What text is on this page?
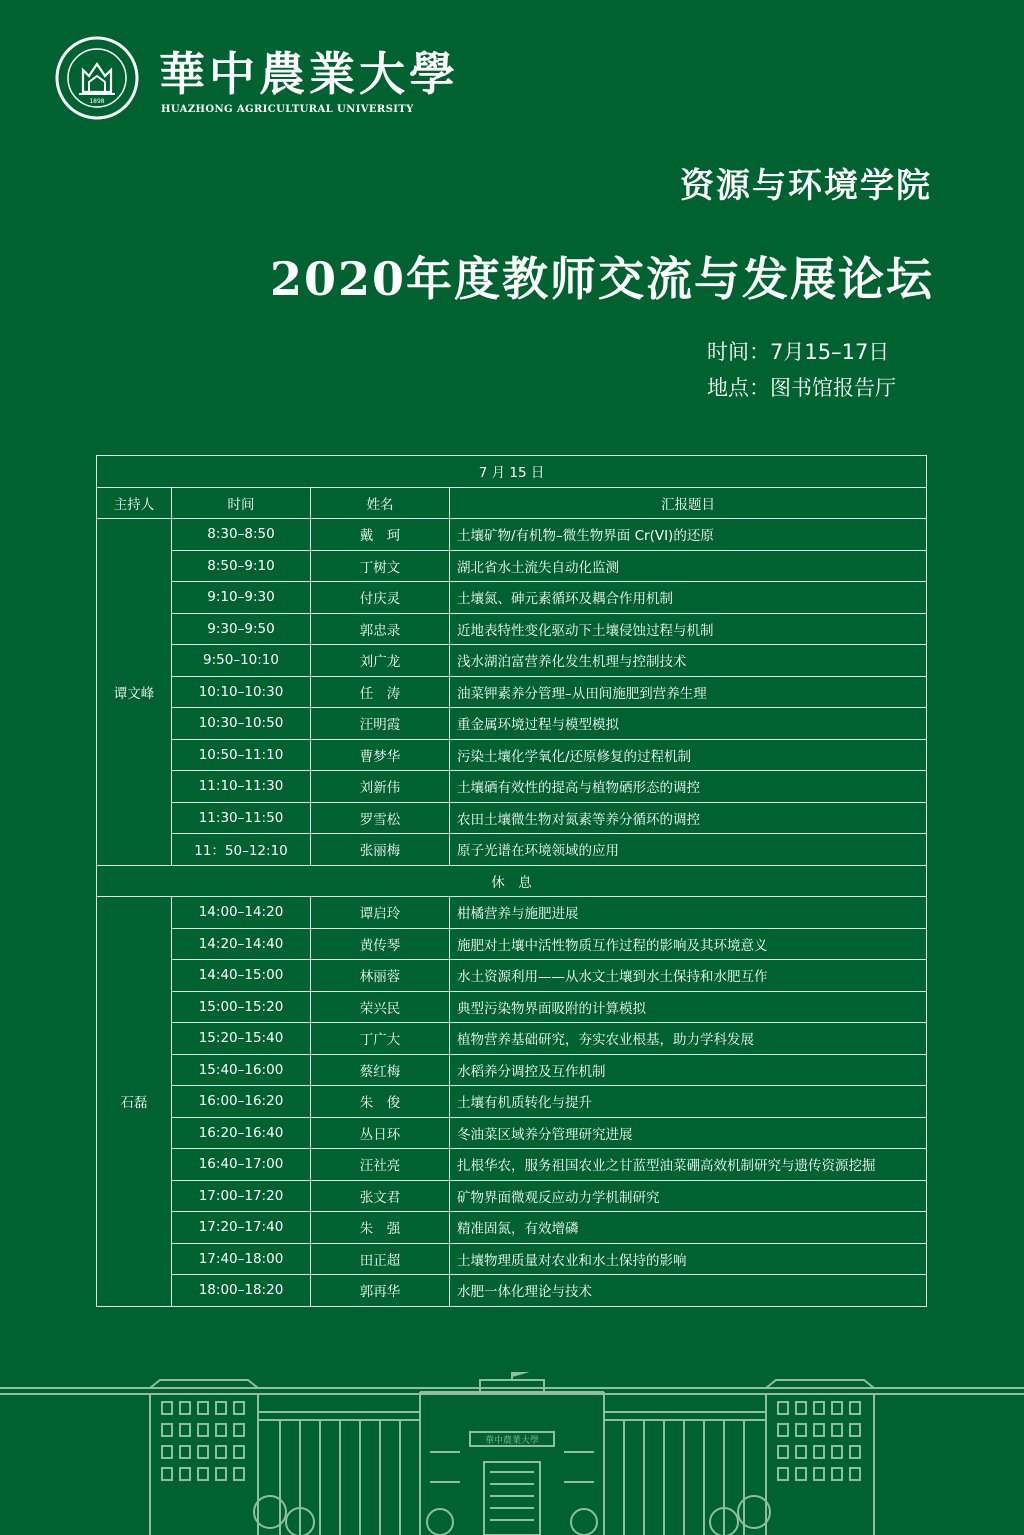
1898
華中農業大學
HUAZHONG AGRICULTURAL UNIVERSITY
资源与环境学院
2020年度教师交流与发展论坛
时间：7月15–17日
地点：图书馆报告厅
7 月 15 日			
主持人	时间	姓名	汇报题目
谭文峰	8:30–8:50	戴　珂	土壤矿物/有机物–微生物界面 Cr(VI)的还原
	8:50–9:10	丁树文	湖北省水土流失自动化监测
	9:10–9:30	付庆灵	土壤氮、砷元素循环及耦合作用机制
	9:30–9:50	郭忠录	近地表特性变化驱动下土壤侵蚀过程与机制
	9:50–10:10	刘广龙	浅水湖泊富营养化发生机理与控制技术
	10:10–10:30	任　涛	油菜钾素养分管理–从田间施肥到营养生理
	10:30–10:50	汪明霞	重金属环境过程与模型模拟
	10:50–11:10	曹梦华	污染土壤化学氧化/还原修复的过程机制
	11:10–11:30	刘新伟	土壤硒有效性的提高与植物硒形态的调控
	11:30–11:50	罗雪松	农田土壤微生物对氮素等养分循环的调控
	11：50–12:10	张丽梅	原子光谱在环境领域的应用
休　息			
石磊	14:00–14:20	谭启玲	柑橘营养与施肥进展
	14:20–14:40	黄传琴	施肥对土壤中活性物质互作过程的影响及其环境意义
	14:40–15:00	林丽蓉	水土资源利用——从水文土壤到水土保持和水肥互作
	15:00–15:20	荣兴民	典型污染物界面吸附的计算模拟
	15:20–15:40	丁广大	植物营养基础研究，夯实农业根基，助力学科发展
	15:40–16:00	蔡红梅	水稻养分调控及互作机制
	16:00–16:20	朱　俊	土壤有机质转化与提升
	16:20–16:40	丛日环	冬油菜区域养分管理研究进展
	16:40–17:00	汪社亮	扎根华农，服务祖国农业之甘蓝型油菜硼高效机制研究与遗传资源挖掘
	17:00–17:20	张文君	矿物界面微观反应动力学机制研究
	17:20–17:40	朱　强	精准固氮，有效增磷
	17:40–18:00	田正超	土壤物理质量对农业和水土保持的影响
	18:00–18:20	郭再华	水肥一体化理论与技术
華中農業大學
